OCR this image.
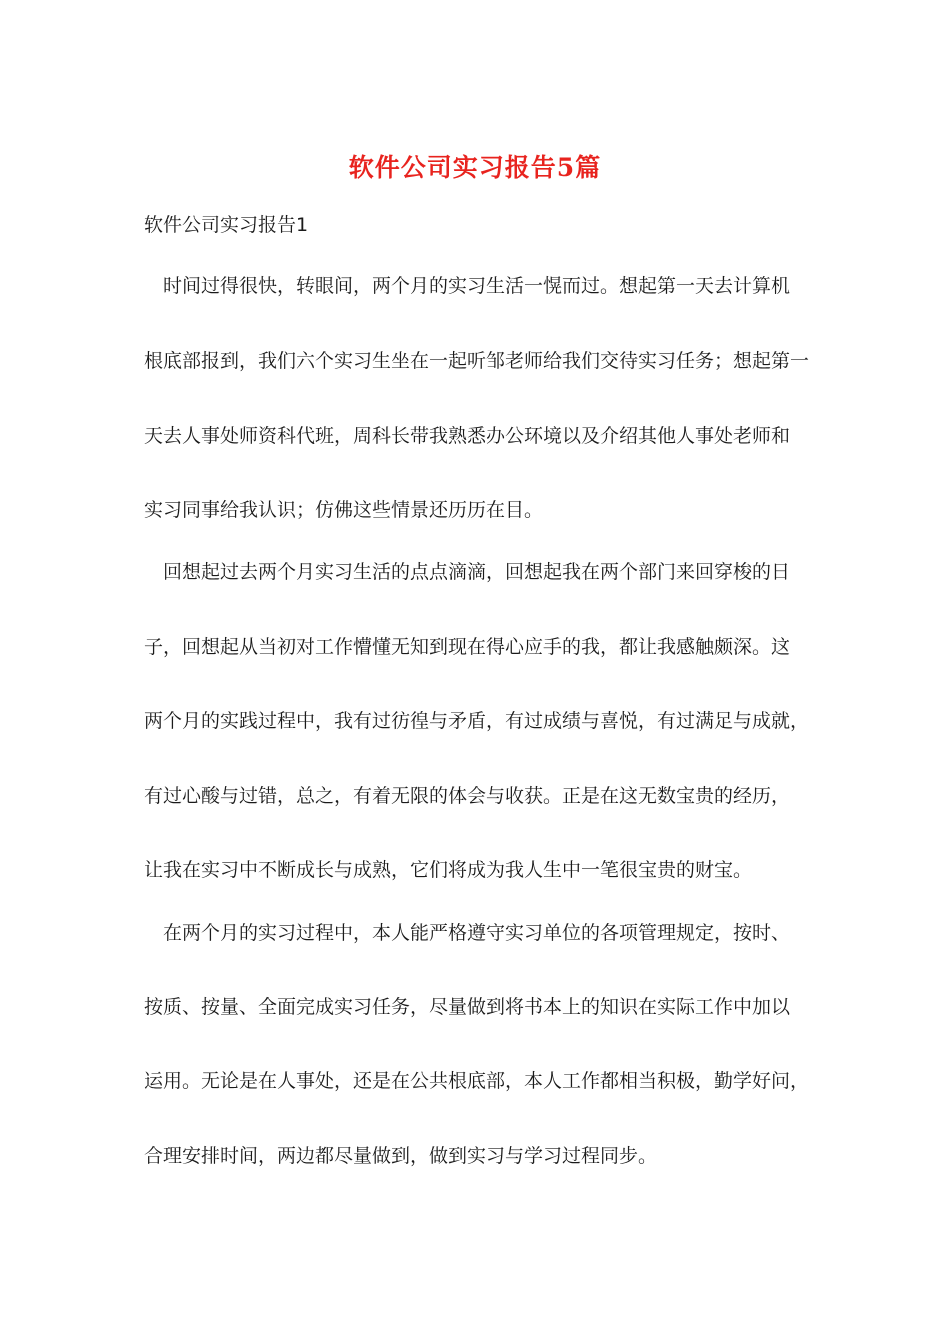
软件公司实习报告5篇
软件公司实习报告1
时间过得很快，转眼间，两个月的实习生活一愰而过。想起第一天去计算机
根底部报到，我们六个实习生坐在一起听邹老师给我们交待实习任务；想起第一
天去人事处师资科代班，周科长带我熟悉办公环境以及介绍其他人事处老师和
实习同事给我认识；仿佛这些情景还历历在目。
回想起过去两个月实习生活的点点滴滴，回想起我在两个部门来回穿梭的日
子，回想起从当初对工作懵懂无知到现在得心应手的我，都让我感触颇深。这
两个月的实践过程中，我有过彷徨与矛盾，有过成绩与喜悦，有过满足与成就，
有过心酸与过错，总之，有着无限的体会与收获。正是在这无数宝贵的经历，
让我在实习中不断成长与成熟，它们将成为我人生中一笔很宝贵的财宝。
在两个月的实习过程中，本人能严格遵守实习单位的各项管理规定，按时、
按质、按量、全面完成实习任务，尽量做到将书本上的知识在实际工作中加以
运用。无论是在人事处，还是在公共根底部，本人工作都相当积极，勤学好问，
合理安排时间，两边都尽量做到，做到实习与学习过程同步。
